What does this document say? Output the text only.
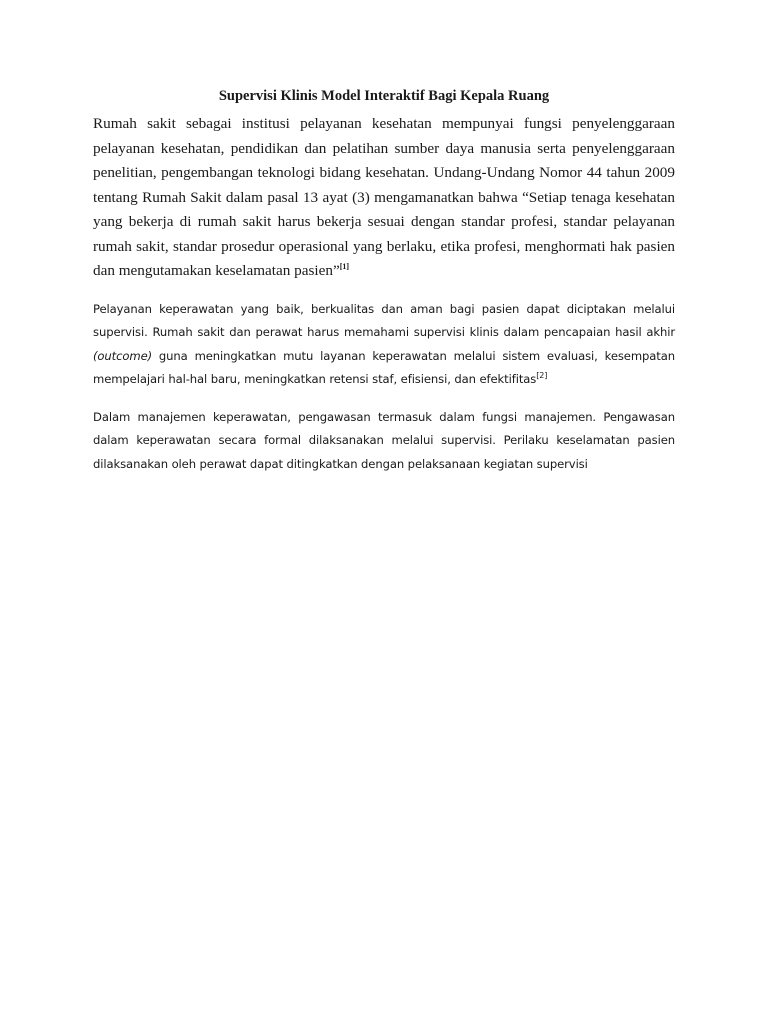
Supervisi Klinis Model Interaktif Bagi Kepala Ruang

Rumah sakit sebagai institusi pelayanan kesehatan mempunyai fungsi penyelenggaraan pelayanan kesehatan, pendidikan dan pelatihan sumber daya manusia serta penyelenggaraan penelitian, pengembangan teknologi bidang kesehatan. Undang-Undang Nomor 44 tahun 2009 tentang Rumah Sakit dalam pasal 13 ayat (3) mengamanatkan bahwa “Setiap tenaga kesehatan yang bekerja di rumah sakit harus bekerja sesuai dengan standar profesi, standar pelayanan rumah sakit, standar prosedur operasional yang berlaku, etika profesi, menghormati hak pasien dan mengutamakan keselamatan pasien”[1]

Pelayanan keperawatan yang baik, berkualitas dan aman bagi pasien dapat diciptakan melalui supervisi. Rumah sakit dan perawat harus memahami supervisi klinis dalam pencapaian hasil akhir (outcome) guna meningkatkan mutu layanan keperawatan melalui sistem evaluasi, kesempatan mempelajari hal-hal baru, meningkatkan retensi staf, efisiensi, dan efektifitas[2]

Dalam manajemen keperawatan, pengawasan termasuk dalam fungsi manajemen. Pengawasan dalam keperawatan secara formal dilaksanakan melalui supervisi. Perilaku keselamatan pasien dilaksanakan oleh perawat dapat ditingkatkan dengan pelaksanaan kegiatan supervisi
